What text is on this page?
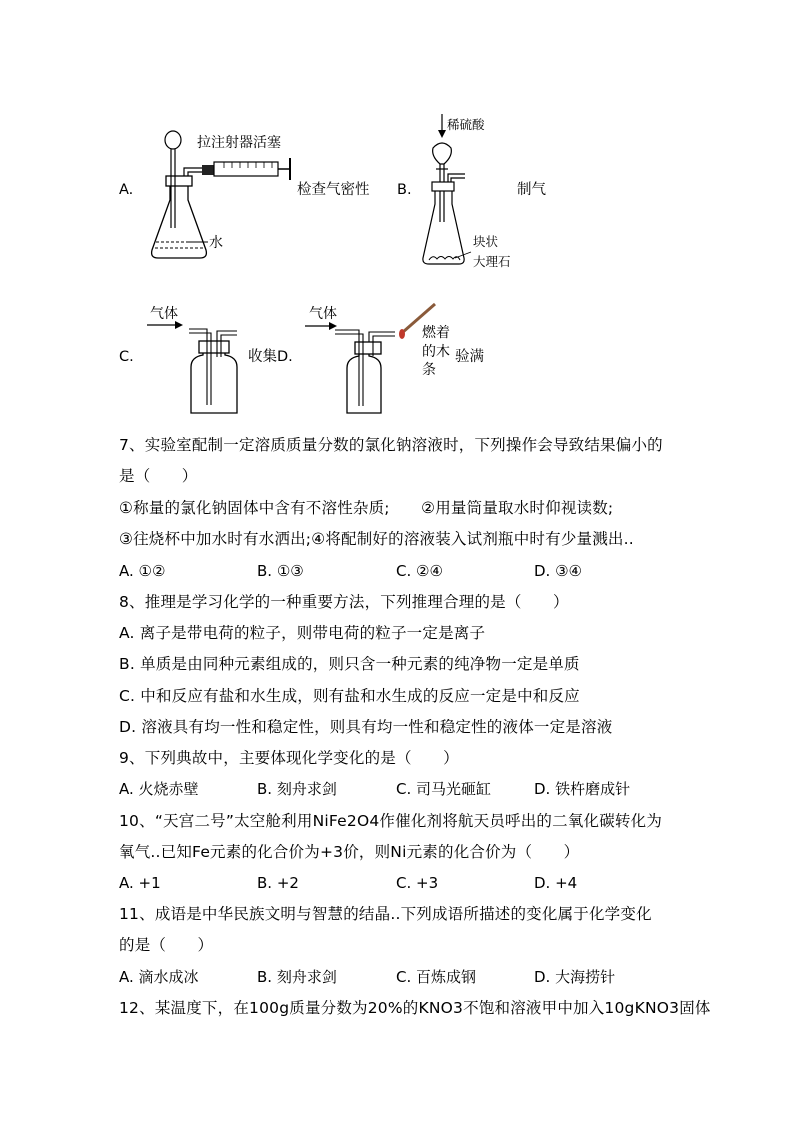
A.
拉注射器活塞
水
检查气密性 B.
稀硫酸
块状
大理石
制气
C.
气体
收集D.
气体
燃着
的木 验满
条
7、实验室配制一定溶质质量分数的氯化钠溶液时，下列操作会导致结果偏小的
是（　　）
①称量的氯化钠固体中含有不溶性杂质;　　②用量筒量取水时仰视读数;
③往烧杯中加水时有水洒出;④将配制好的溶液装入试剂瓶中时有少量溅出..
A. ①②	B. ①③	C. ②④	D. ③④
8、推理是学习化学的一种重要方法，下列推理合理的是（　　）
A. 离子是带电荷的粒子，则带电荷的粒子一定是离子
B. 单质是由同种元素组成的，则只含一种元素的纯净物一定是单质
C. 中和反应有盐和水生成，则有盐和水生成的反应一定是中和反应
D. 溶液具有均一性和稳定性，则具有均一性和稳定性的液体一定是溶液
9、下列典故中，主要体现化学变化的是（　　）
A. 火烧赤壁	B. 刻舟求剑	C. 司马光砸缸	D. 铁杵磨成针
10、“天宫二号”太空舱利用NiFe2O4作催化剂将航天员呼出的二氧化碳转化为
氧气..已知Fe元素的化合价为+3价，则Ni元素的化合价为（　　）
A. +1	B. +2	C. +3	D. +4
11、成语是中华民族文明与智慧的结晶..下列成语所描述的变化属于化学变化
的是（　　）
A. 滴水成冰	B. 刻舟求剑	C. 百炼成钢	D. 大海捞针
12、某温度下，在100g质量分数为20%的KNO3不饱和溶液甲中加入10gKNO3固体
